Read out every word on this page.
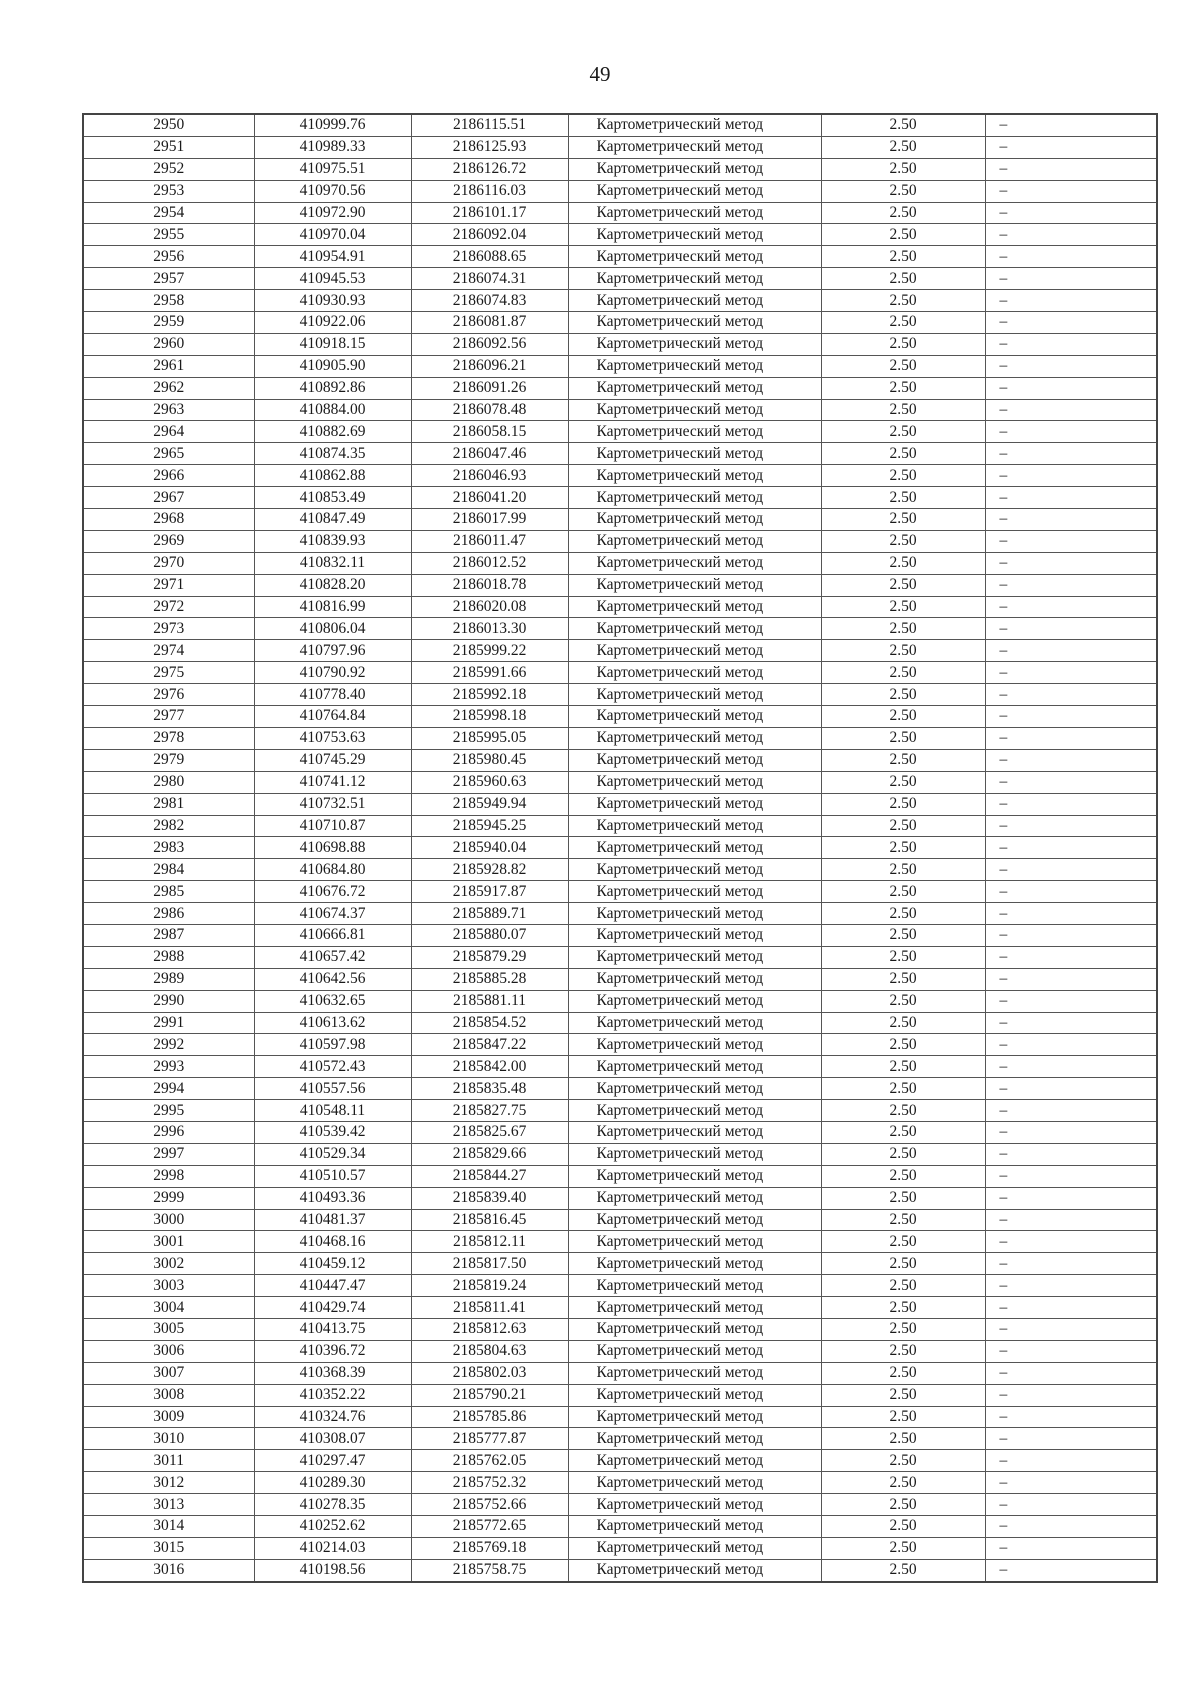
49
2950	410999.76	2186115.51	Картометрический метод	2.50	–
2951	410989.33	2186125.93	Картометрический метод	2.50	–
2952	410975.51	2186126.72	Картометрический метод	2.50	–
2953	410970.56	2186116.03	Картометрический метод	2.50	–
2954	410972.90	2186101.17	Картометрический метод	2.50	–
2955	410970.04	2186092.04	Картометрический метод	2.50	–
2956	410954.91	2186088.65	Картометрический метод	2.50	–
2957	410945.53	2186074.31	Картометрический метод	2.50	–
2958	410930.93	2186074.83	Картометрический метод	2.50	–
2959	410922.06	2186081.87	Картометрический метод	2.50	–
2960	410918.15	2186092.56	Картометрический метод	2.50	–
2961	410905.90	2186096.21	Картометрический метод	2.50	–
2962	410892.86	2186091.26	Картометрический метод	2.50	–
2963	410884.00	2186078.48	Картометрический метод	2.50	–
2964	410882.69	2186058.15	Картометрический метод	2.50	–
2965	410874.35	2186047.46	Картометрический метод	2.50	–
2966	410862.88	2186046.93	Картометрический метод	2.50	–
2967	410853.49	2186041.20	Картометрический метод	2.50	–
2968	410847.49	2186017.99	Картометрический метод	2.50	–
2969	410839.93	2186011.47	Картометрический метод	2.50	–
2970	410832.11	2186012.52	Картометрический метод	2.50	–
2971	410828.20	2186018.78	Картометрический метод	2.50	–
2972	410816.99	2186020.08	Картометрический метод	2.50	–
2973	410806.04	2186013.30	Картометрический метод	2.50	–
2974	410797.96	2185999.22	Картометрический метод	2.50	–
2975	410790.92	2185991.66	Картометрический метод	2.50	–
2976	410778.40	2185992.18	Картометрический метод	2.50	–
2977	410764.84	2185998.18	Картометрический метод	2.50	–
2978	410753.63	2185995.05	Картометрический метод	2.50	–
2979	410745.29	2185980.45	Картометрический метод	2.50	–
2980	410741.12	2185960.63	Картометрический метод	2.50	–
2981	410732.51	2185949.94	Картометрический метод	2.50	–
2982	410710.87	2185945.25	Картометрический метод	2.50	–
2983	410698.88	2185940.04	Картометрический метод	2.50	–
2984	410684.80	2185928.82	Картометрический метод	2.50	–
2985	410676.72	2185917.87	Картометрический метод	2.50	–
2986	410674.37	2185889.71	Картометрический метод	2.50	–
2987	410666.81	2185880.07	Картометрический метод	2.50	–
2988	410657.42	2185879.29	Картометрический метод	2.50	–
2989	410642.56	2185885.28	Картометрический метод	2.50	–
2990	410632.65	2185881.11	Картометрический метод	2.50	–
2991	410613.62	2185854.52	Картометрический метод	2.50	–
2992	410597.98	2185847.22	Картометрический метод	2.50	–
2993	410572.43	2185842.00	Картометрический метод	2.50	–
2994	410557.56	2185835.48	Картометрический метод	2.50	–
2995	410548.11	2185827.75	Картометрический метод	2.50	–
2996	410539.42	2185825.67	Картометрический метод	2.50	–
2997	410529.34	2185829.66	Картометрический метод	2.50	–
2998	410510.57	2185844.27	Картометрический метод	2.50	–
2999	410493.36	2185839.40	Картометрический метод	2.50	–
3000	410481.37	2185816.45	Картометрический метод	2.50	–
3001	410468.16	2185812.11	Картометрический метод	2.50	–
3002	410459.12	2185817.50	Картометрический метод	2.50	–
3003	410447.47	2185819.24	Картометрический метод	2.50	–
3004	410429.74	2185811.41	Картометрический метод	2.50	–
3005	410413.75	2185812.63	Картометрический метод	2.50	–
3006	410396.72	2185804.63	Картометрический метод	2.50	–
3007	410368.39	2185802.03	Картометрический метод	2.50	–
3008	410352.22	2185790.21	Картометрический метод	2.50	–
3009	410324.76	2185785.86	Картометрический метод	2.50	–
3010	410308.07	2185777.87	Картометрический метод	2.50	–
3011	410297.47	2185762.05	Картометрический метод	2.50	–
3012	410289.30	2185752.32	Картометрический метод	2.50	–
3013	410278.35	2185752.66	Картометрический метод	2.50	–
3014	410252.62	2185772.65	Картометрический метод	2.50	–
3015	410214.03	2185769.18	Картометрический метод	2.50	–
3016	410198.56	2185758.75	Картометрический метод	2.50	–
